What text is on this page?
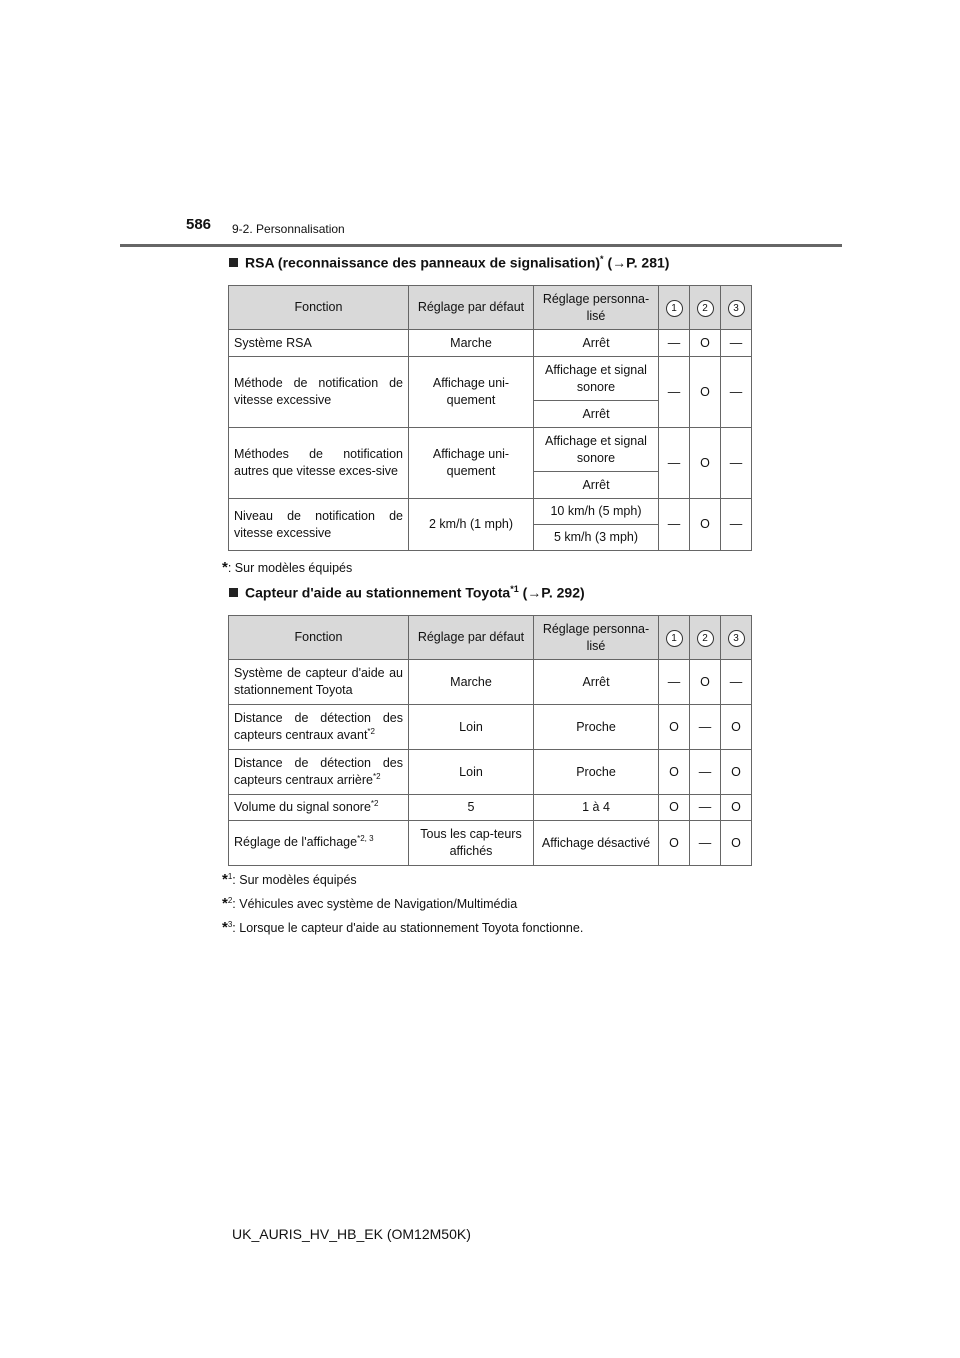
586 9-2. Personnalisation
RSA (reconnaissance des panneaux de signalisation)* (→P. 281)
Fonction	Réglage par défaut	Réglage personna-lisé	1	2	3
Système RSA	Marche	Arrêt	—	O	—
Méthode de notification de vitesse excessive	Affichage uni-quement	Affichage et signal sonore	—	O	—
		Arrêt			
Méthodes de notification autres que vitesse exces-sive	Affichage uni-quement	Affichage et signal sonore	—	O	—
		Arrêt			
Niveau de notification de vitesse excessive	2 km/h (1 mph)	10 km/h (5 mph)	—	O	—
		5 km/h (3 mph)			
*: Sur modèles équipés
Capteur d'aide au stationnement Toyota$^{*1}$ (→P. 292)
Fonction	Réglage par défaut	Réglage personna-lisé	1	2	3
Système de capteur d'aide au stationnement Toyota	Marche	Arrêt	—	O	—
Distance de détection des capteurs centraux avant$^{*2}$	Loin	Proche	O	—	O
Distance de détection des capteurs centraux arrière$^{*2}$	Loin	Proche	O	—	O
Volume du signal sonore$^{*2}$	5	1 à 4	O	—	O
Réglage de l'affichage$^{*2, 3}$	Tous les cap-teurs affichés	Affichage désactivé	O	—	O
*$^1$: Sur modèles équipés
*$^2$: Véhicules avec système de Navigation/Multimédia
*$^3$: Lorsque le capteur d'aide au stationnement Toyota fonctionne.
UK_AURIS_HV_HB_EK (OM12M50K)
